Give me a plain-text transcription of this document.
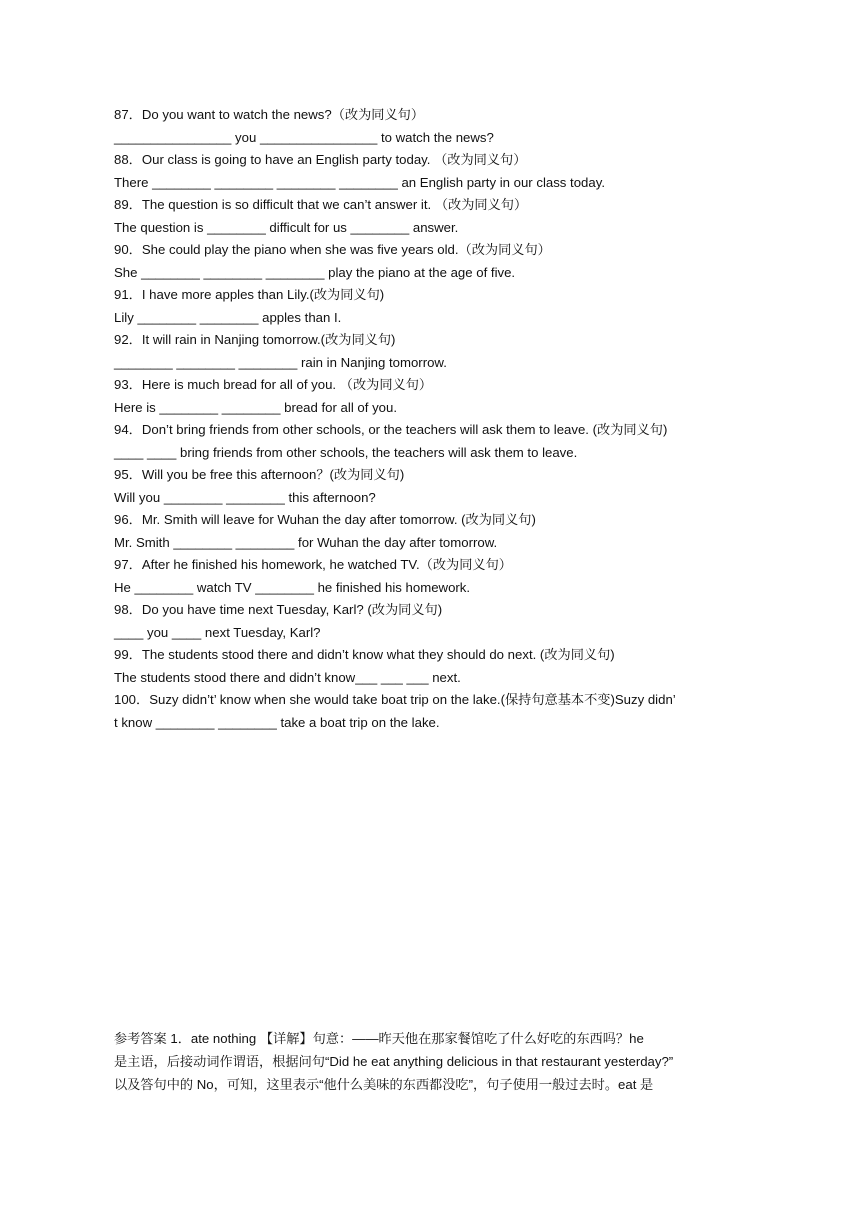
87．Do you want to watch the news?（改为同义句）
________________ you ________________ to watch the news?
88．Our class is going to have an English party today. （改为同义句）
There ________ ________ ________ ________ an English party in our class today.
89．The question is so difficult that we can’t answer it. （改为同义句）
The question is ________ difficult for us ________ answer.
90．She could play the piano when she was five years old.（改为同义句）
She ________ ________ ________ play the piano at the age of five.
91．I have more apples than Lily.(改为同义句)
Lily ________ ________ apples than I.
92．It will rain in Nanjing tomorrow.(改为同义句)
________ ________ ________ rain in Nanjing tomorrow.
93．Here is much bread for all of you. （改为同义句）
Here is ________ ________ bread for all of you.
94．Don’t bring friends from other schools, or the teachers will ask them to leave. (改为同义句)
____ ____ bring friends from other schools, the teachers will ask them to leave.
95．Will you be free this afternoon？(改为同义句)
Will you ________ ________ this afternoon?
96．Mr. Smith will leave for Wuhan the day after tomorrow. (改为同义句)
Mr. Smith ________ ________ for Wuhan the day after tomorrow.
97．After he finished his homework, he watched TV.（改为同义句）
He ________ watch TV ________ he finished his homework.
98．Do you have time next Tuesday, Karl? (改为同义句)
____ you ____ next Tuesday, Karl?
99．The students stood there and didn’t know what they should do next. (改为同义句)
The students stood there and didn’t know___ ___ ___ next.
100．Suzy didn’t’ know when she would take boat trip on the lake.(保持句意基本不变)Suzy didn’
t know ________ ________ take a boat trip on the lake.
参考答案 1．ate nothing 【详解】句意：——昨天他在那家餐馆吃了什么好吃的东西吗？he
是主语，后接动词作谓语，根据问句“Did he eat anything delicious in that restaurant yesterday?”
以及答句中的 No，可知，这里表示“他什么美味的东西都没吃”，句子使用一般过去时。eat 是
